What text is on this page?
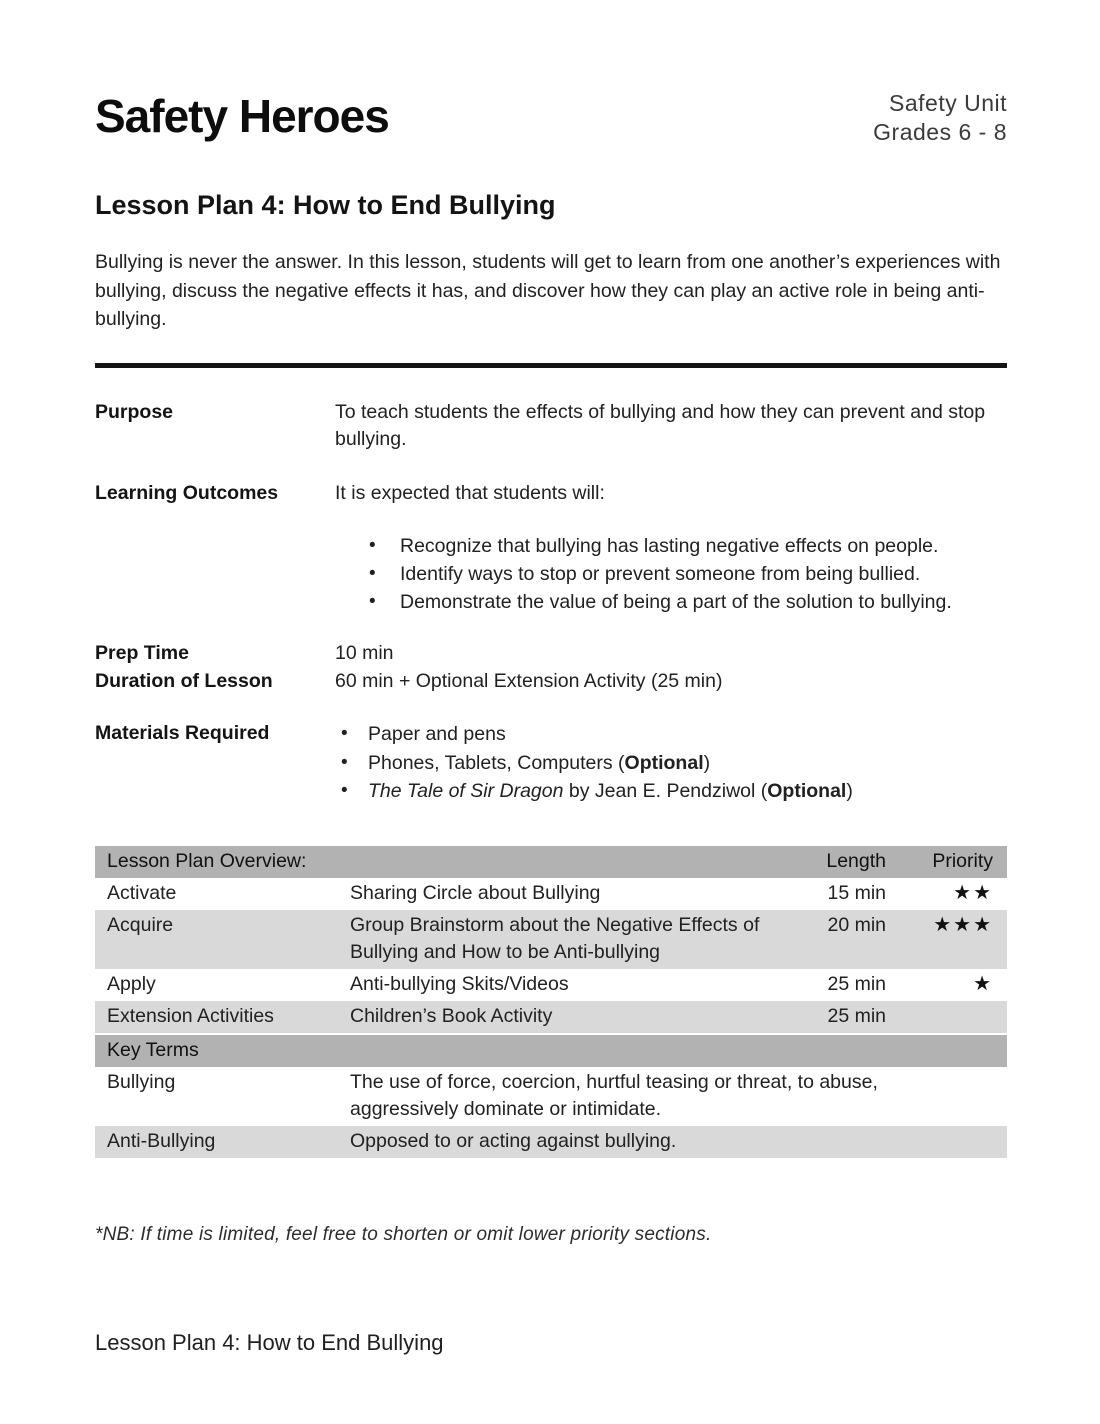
Safety Heroes	Safety Unit
Grades 6 - 8
Lesson Plan 4: How to End Bullying
Bullying is never the answer. In this lesson, students will get to learn from one another’s experiences with bullying, discuss the negative effects it has, and discover how they can play an active role in being anti-bullying.
Purpose	To teach students the effects of bullying and how they can prevent and stop bullying.
Learning Outcomes	It is expected that students will:
• Recognize that bullying has lasting negative effects on people.
• Identify ways to stop or prevent someone from being bullied.
• Demonstrate the value of being a part of the solution to bullying.
Prep Time	10 min
Duration of Lesson	60 min + Optional Extension Activity (25 min)
Materials Required	• Paper and pens
• Phones, Tablets, Computers (Optional)
• The Tale of Sir Dragon by Jean E. Pendziwol (Optional)
Lesson Plan Overview:		Length	Priority
Activate	Sharing Circle about Bullying	15 min	★★
Acquire	Group Brainstorm about the Negative Effects of Bullying and How to be Anti-bullying	20 min	★★★
Apply	Anti-bullying Skits/Videos	25 min	★
Extension Activities	Children’s Book Activity	25 min	
Key Terms			
Bullying	The use of force, coercion, hurtful teasing or threat, to abuse, aggressively dominate or intimidate.		

Anti-Bullying	Opposed to or acting against bullying.		
*NB: If time is limited, feel free to shorten or omit lower priority sections.
Lesson Plan 4: How to End Bullying
